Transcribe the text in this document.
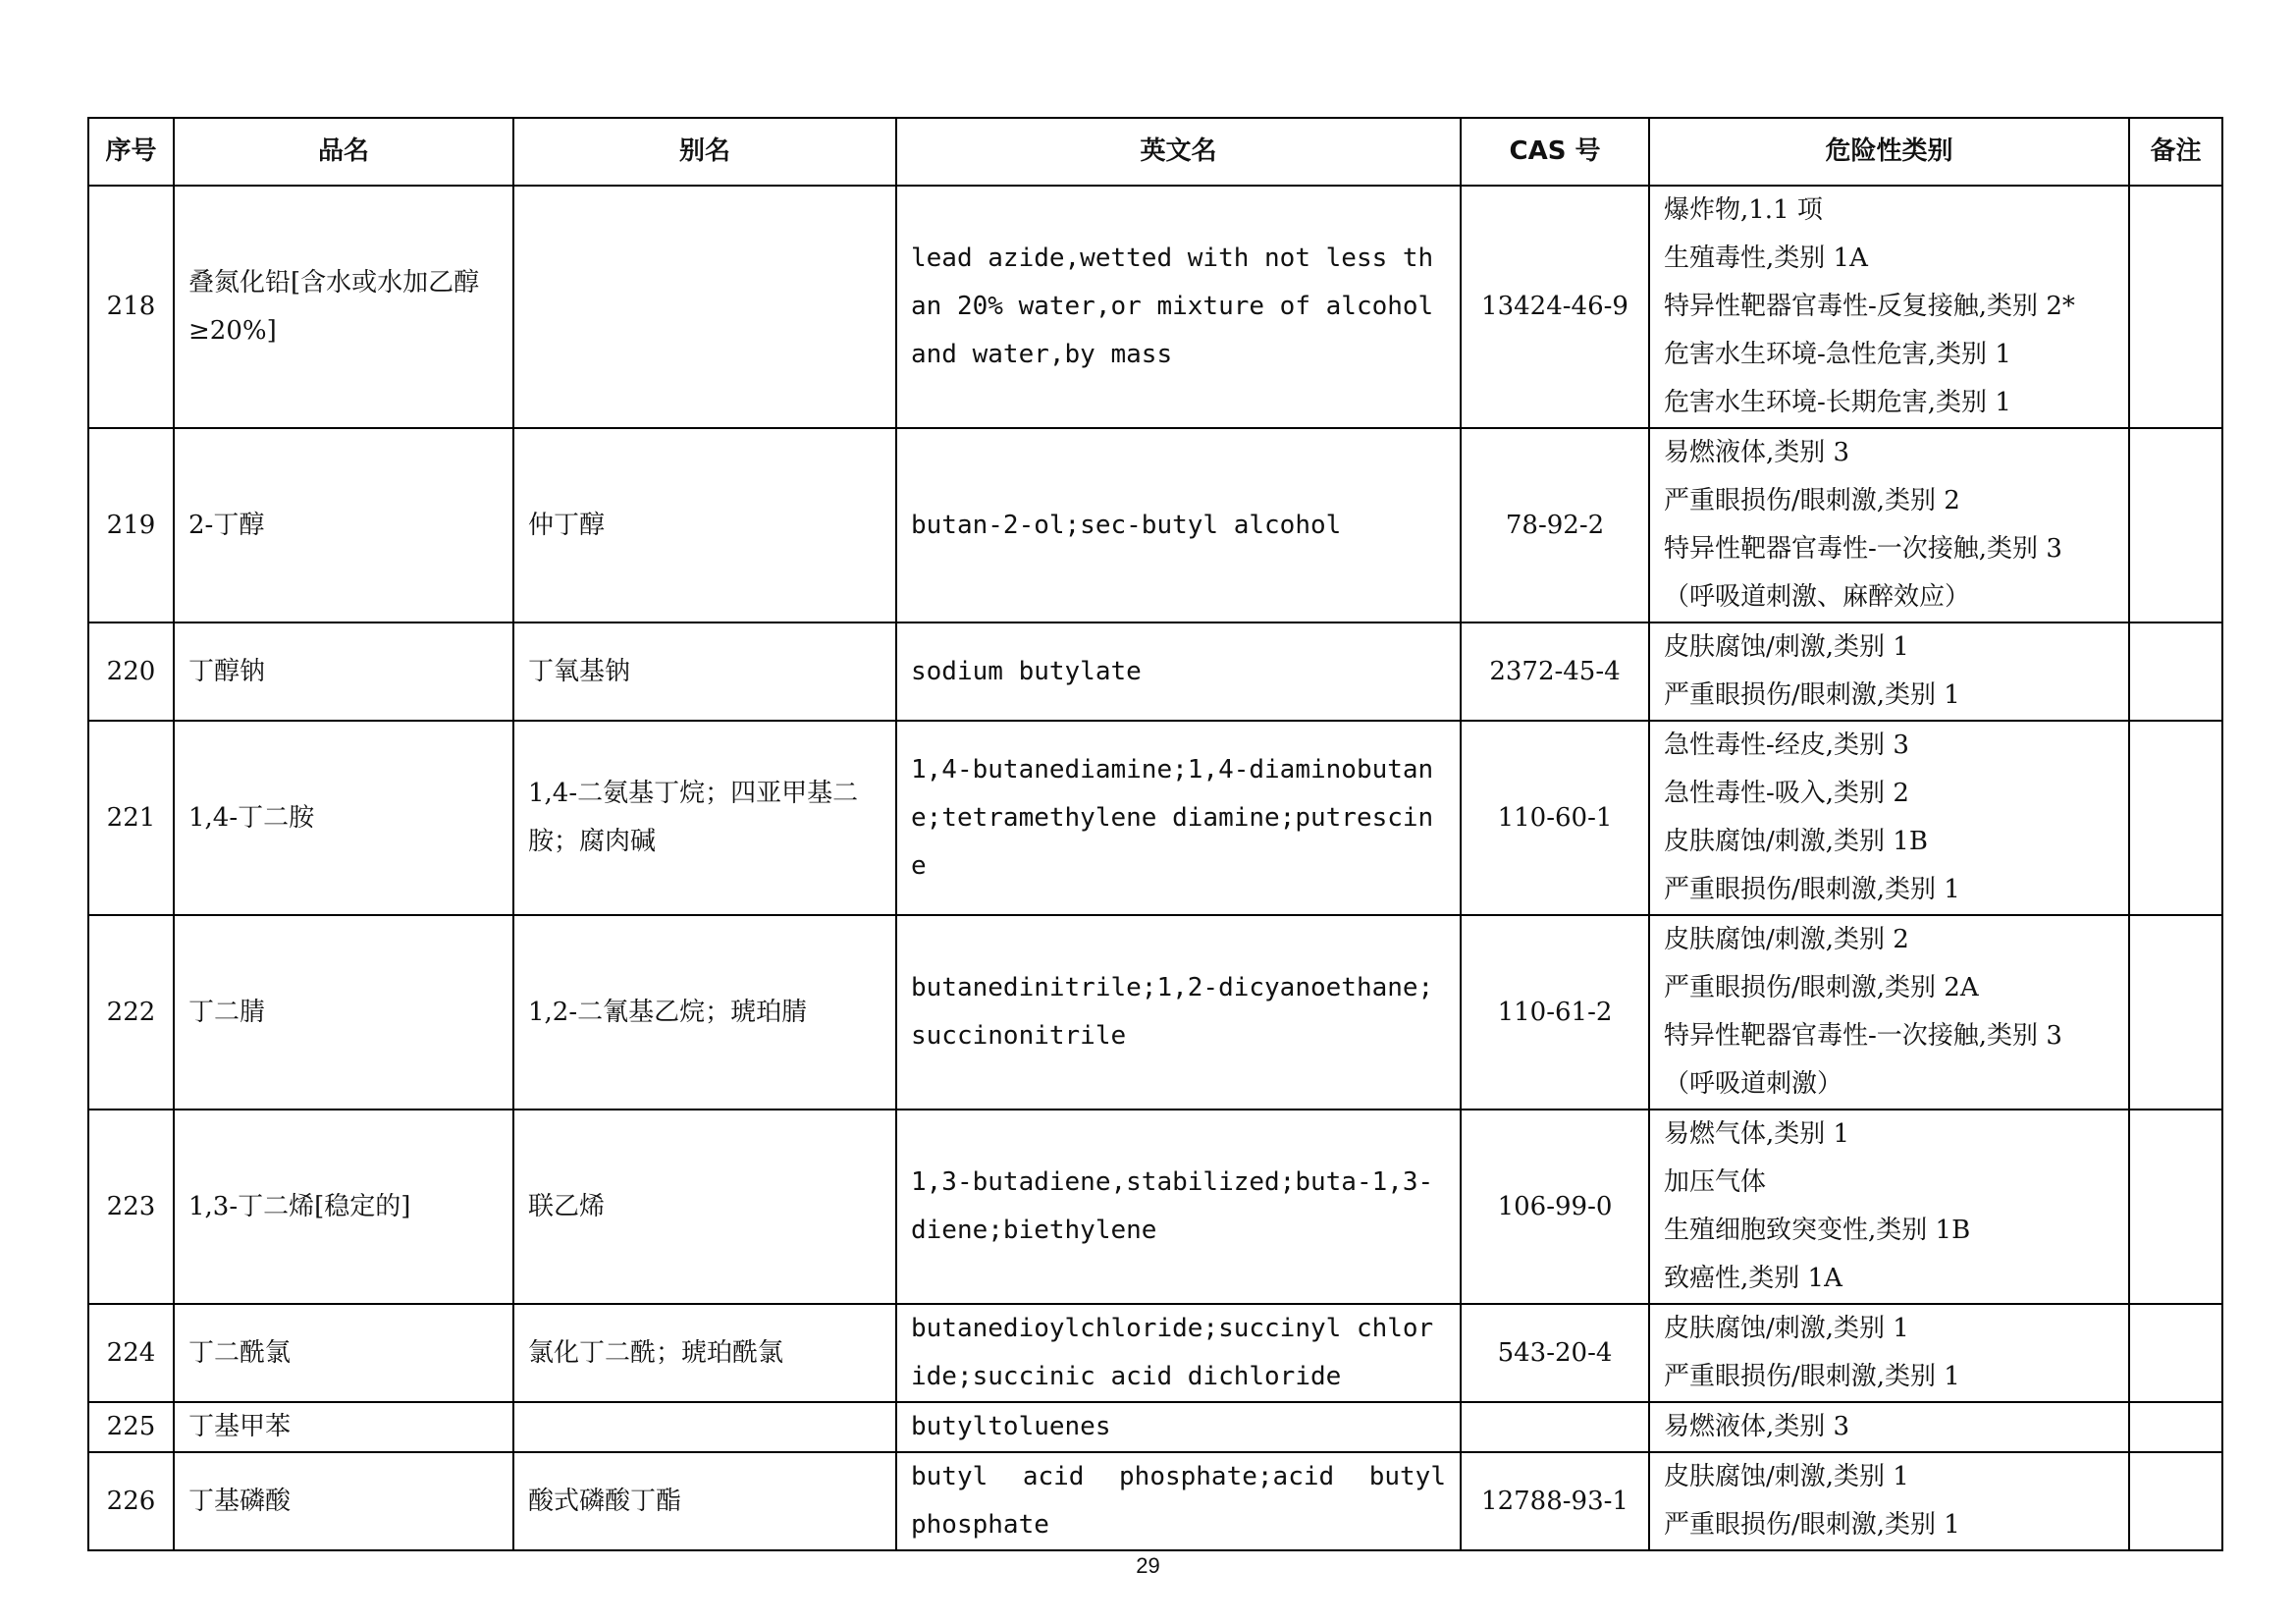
序号	品名	别名	英文名	CAS 号	危险性类别	备注
218	叠氮化铅[含水或水加乙醇≥20%]		lead azide,wetted with not less than 20% water,or mixture of alcohol and water,by mass	13424-46-9	爆炸物,1.1 项
生殖毒性,类别 1A
特异性靶器官毒性-反复接触,类别 2*
危害水生环境-急性危害,类别 1
危害水生环境-长期危害,类别 1	

219	2-丁醇	仲丁醇	butan-2-ol;sec-butyl alcohol	78-92-2	易燃液体,类别 3
严重眼损伤/眼刺激,类别 2
特异性靶器官毒性-一次接触,类别 3
（呼吸道刺激、麻醉效应）	

220	丁醇钠	丁氧基钠	sodium butylate	2372-45-4	皮肤腐蚀/刺激,类别 1
严重眼损伤/眼刺激,类别 1	

221	1,4-丁二胺	1,4-二氨基丁烷；四亚甲基二胺；腐肉碱	1,4-butanediamine;1,4-diaminobutane;tetramethylene diamine;putrescine	110-60-1	急性毒性-经皮,类别 3
急性毒性-吸入,类别 2
皮肤腐蚀/刺激,类别 1B
严重眼损伤/眼刺激,类别 1	

222	丁二腈	1,2-二氰基乙烷；琥珀腈	butanedinitrile;1,2-dicyanoethane;succinonitrile	110-61-2	皮肤腐蚀/刺激,类别 2
严重眼损伤/眼刺激,类别 2A
特异性靶器官毒性-一次接触,类别 3
（呼吸道刺激）	

223	1,3-丁二烯[稳定的]	联乙烯	1,3-butadiene,stabilized;buta-1,3-diene;biethylene	106-99-0	易燃气体,类别 1
加压气体
生殖细胞致突变性,类别 1B
致癌性,类别 1A	

224	丁二酰氯	氯化丁二酰；琥珀酰氯	butanedioylchloride;succinyl chloride;succinic acid dichloride	543-20-4	皮肤腐蚀/刺激,类别 1
严重眼损伤/眼刺激,类别 1	

225	丁基甲苯		butyltoluenes		易燃液体,类别 3	

226	丁基磷酸	酸式磷酸丁酯	butyl acid phosphate;acid butyl phosphate	12788-93-1	皮肤腐蚀/刺激,类别 1
严重眼损伤/眼刺激,类别 1	

29
